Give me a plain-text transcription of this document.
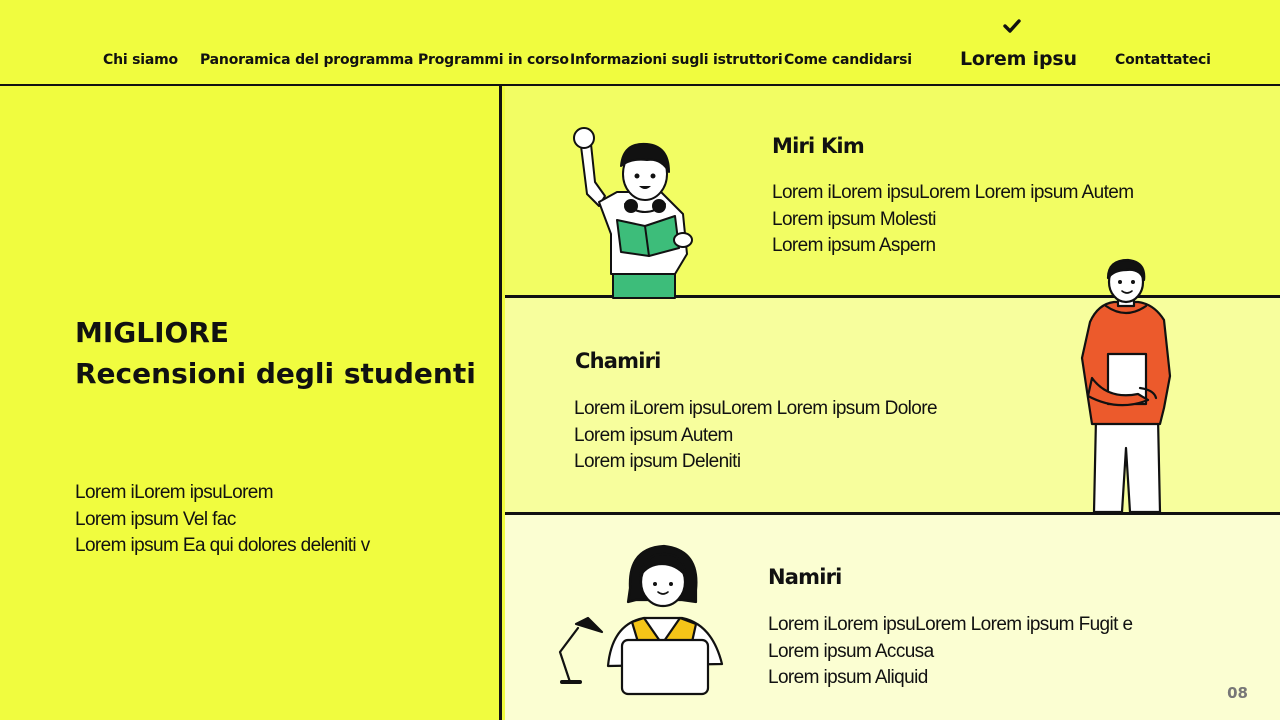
Chi siamo Panoramica del programma Programmi in corso Informazioni sugli istruttori Come candidarsi	Lorem ipsu	Contattateci
MIGLIORE
Recensioni degli studenti
Lorem iLorem ipsuLorem
Lorem ipsum Vel fac
Lorem ipsum Ea qui dolores deleniti v
Miri Kim
Lorem iLorem ipsuLorem Lorem ipsum Autem
Lorem ipsum Molesti
Lorem ipsum Aspern
Chamiri
Lorem iLorem ipsuLorem Lorem ipsum Dolore
Lorem ipsum Autem
Lorem ipsum Deleniti
Namiri
Lorem iLorem ipsuLorem Lorem ipsum Fugit e
Lorem ipsum Accusa
Lorem ipsum Aliquid
08
